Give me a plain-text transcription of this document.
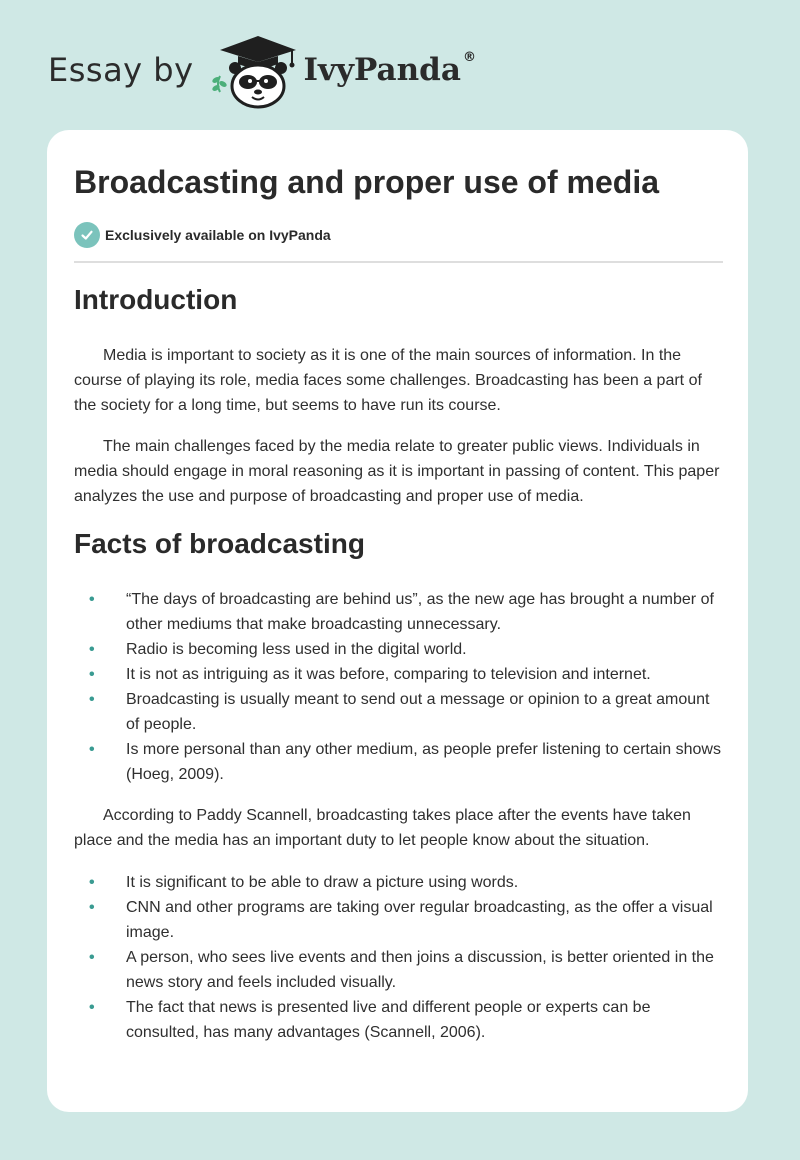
Essay by	IvyPanda ®
Broadcasting and proper use of media
Exclusively available on IvyPanda
Introduction

Media is important to society as it is one of the main sources of information. In the course of playing its role, media faces some challenges. Broadcasting has been a part of the society for a long time, but seems to have run its course.

The main challenges faced by the media relate to greater public views. Individuals in media should engage in moral reasoning as it is important in passing of content. This paper analyzes the use and purpose of broadcasting and proper use of media.

Facts of broadcasting
• “The days of broadcasting are behind us”, as the new age has brought a number of other mediums that make broadcasting unnecessary.
• Radio is becoming less used in the digital world.
• It is not as intriguing as it was before, comparing to television and internet.
• Broadcasting is usually meant to send out a message or opinion to a great amount of people.
• Is more personal than any other medium, as people prefer listening to certain shows (Hoeg, 2009).

According to Paddy Scannell, broadcasting takes place after the events have taken place and the media has an important duty to let people know about the situation.

• It is significant to be able to draw a picture using words.
• CNN and other programs are taking over regular broadcasting, as the offer a visual image.
• A person, who sees live events and then joins a discussion, is better oriented in the news story and feels included visually.
• The fact that news is presented live and different people or experts can be consulted, has many advantages (Scannell, 2006).
